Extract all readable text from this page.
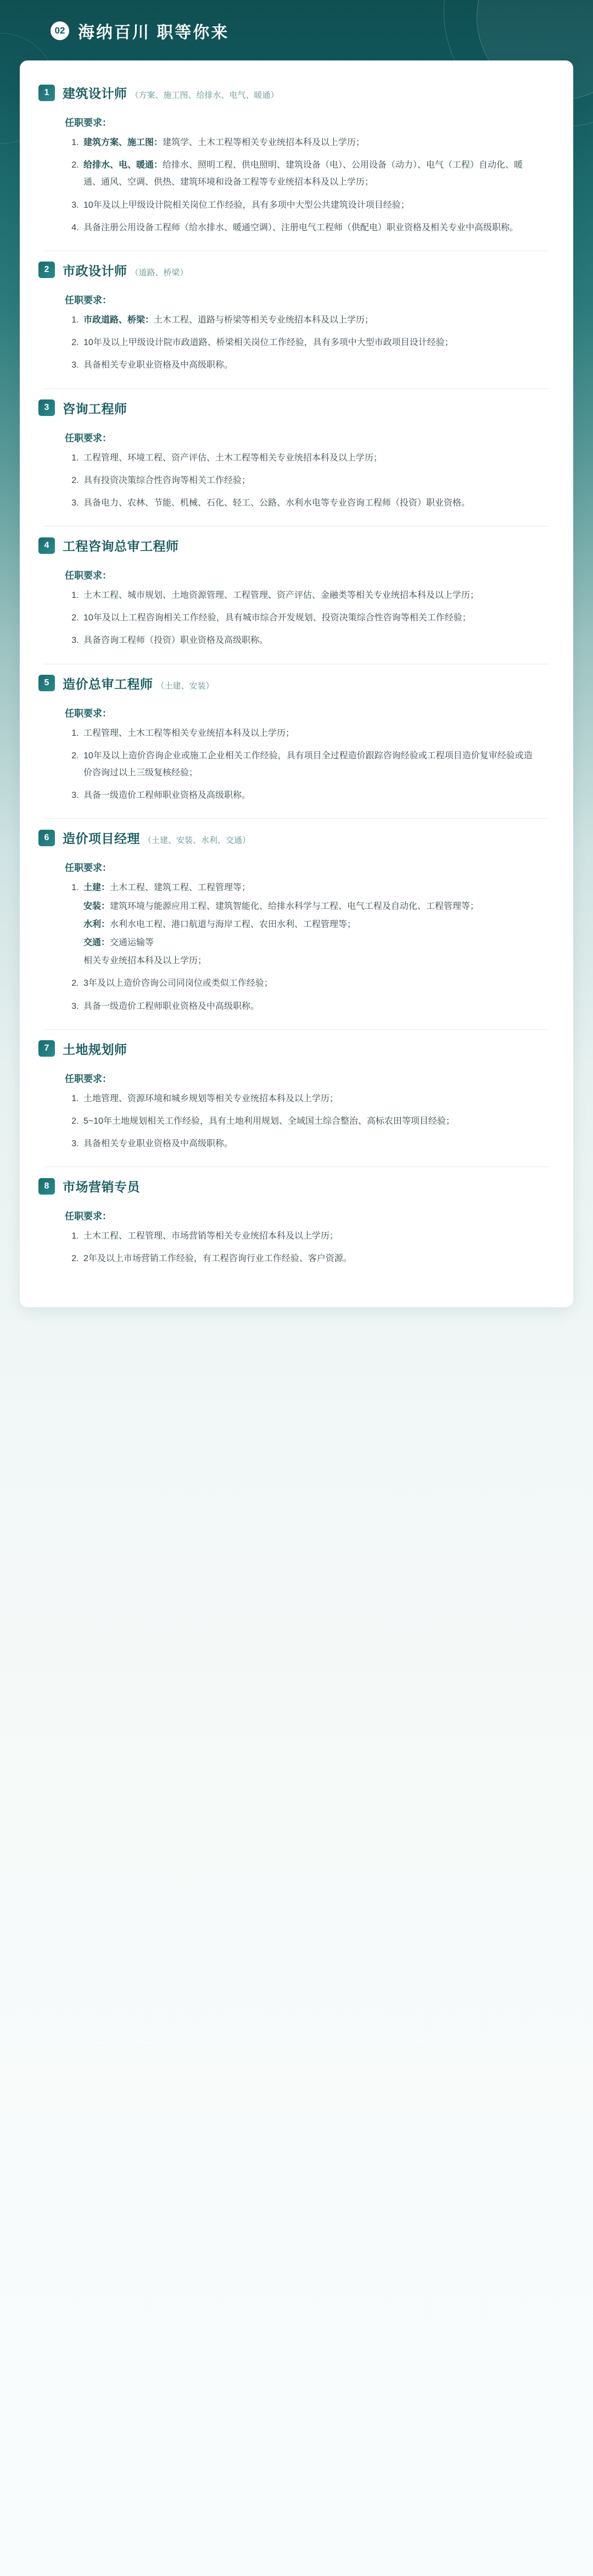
02 海纳百川 职等你来
1	建筑设计师 （方案、施工图、给排水、电气、暖通）
任职要求：
1. 建筑方案、施工图：建筑学、土木工程等相关专业统招本科及以上学历；
2. 给排水、电、暖通：给排水、照明工程、供电照明、建筑设备（电）、公用设备（动力）、电气（工程）自动化、暖通、通风、空调、供热、建筑环境和设备工程等专业统招本科及以上学历；
3. 10年及以上甲级设计院相关岗位工作经验，具有多项中大型公共建筑设计项目经验；
4. 具备注册公用设备工程师（给水排水、暖通空调）、注册电气工程师（供配电）职业资格及相关专业中高级职称。
2	市政设计师 （道路、桥梁）
任职要求：
1. 市政道路、桥梁：土木工程、道路与桥梁等相关专业统招本科及以上学历；
2. 10年及以上甲级设计院市政道路、桥梁相关岗位工作经验，具有多项中大型市政项目设计经验；
3. 具备相关专业职业资格及中高级职称。
3	咨询工程师
任职要求：
1. 工程管理、环境工程、资产评估、土木工程等相关专业统招本科及以上学历；
2. 具有投资决策综合性咨询等相关工作经验；
3. 具备电力、农林、节能、机械、石化、轻工、公路、水利水电等专业咨询工程师（投资）职业资格。
4	工程咨询总审工程师
任职要求：
1. 土木工程、城市规划、土地资源管理、工程管理、资产评估、金融类等相关专业统招本科及以上学历；
2. 10年及以上工程咨询相关工作经验，具有城市综合开发规划、投资决策综合性咨询等相关工作经验；
3. 具备咨询工程师（投资）职业资格及高级职称。
5	造价总审工程师 （土建、安装）
任职要求：
1. 工程管理、土木工程等相关专业统招本科及以上学历；
2. 10年及以上造价咨询企业或施工企业相关工作经验，具有项目全过程造价跟踪咨询经验或工程项目造价复审经验或造价咨询过以上三级复核经验；
3. 具备一级造价工程师职业资格及高级职称。
6	造价项目经理 （土建、安装、水利、交通）
任职要求：
1. 土建：土木工程、建筑工程、工程管理等；
安装：建筑环境与能源应用工程、建筑智能化、给排水科学与工程、电气工程及自动化、工程管理等；
水利：水利水电工程、港口航道与海岸工程、农田水利、工程管理等；
交通：交通运输等
相关专业统招本科及以上学历；
2. 3年及以上造价咨询公司同岗位或类似工作经验；
3. 具备一级造价工程师职业资格及中高级职称。
7	土地规划师
任职要求：
1. 土地管理、资源环境和城乡规划等相关专业统招本科及以上学历；
2. 5~10年土地规划相关工作经验，具有土地利用规划、全域国土综合整治、高标农田等项目经验；
3. 具备相关专业职业资格及中高级职称。
8	市场营销专员
任职要求：
1. 土木工程、工程管理、市场营销等相关专业统招本科及以上学历；
2. 2年及以上市场营销工作经验，有工程咨询行业工作经验、客户资源。
